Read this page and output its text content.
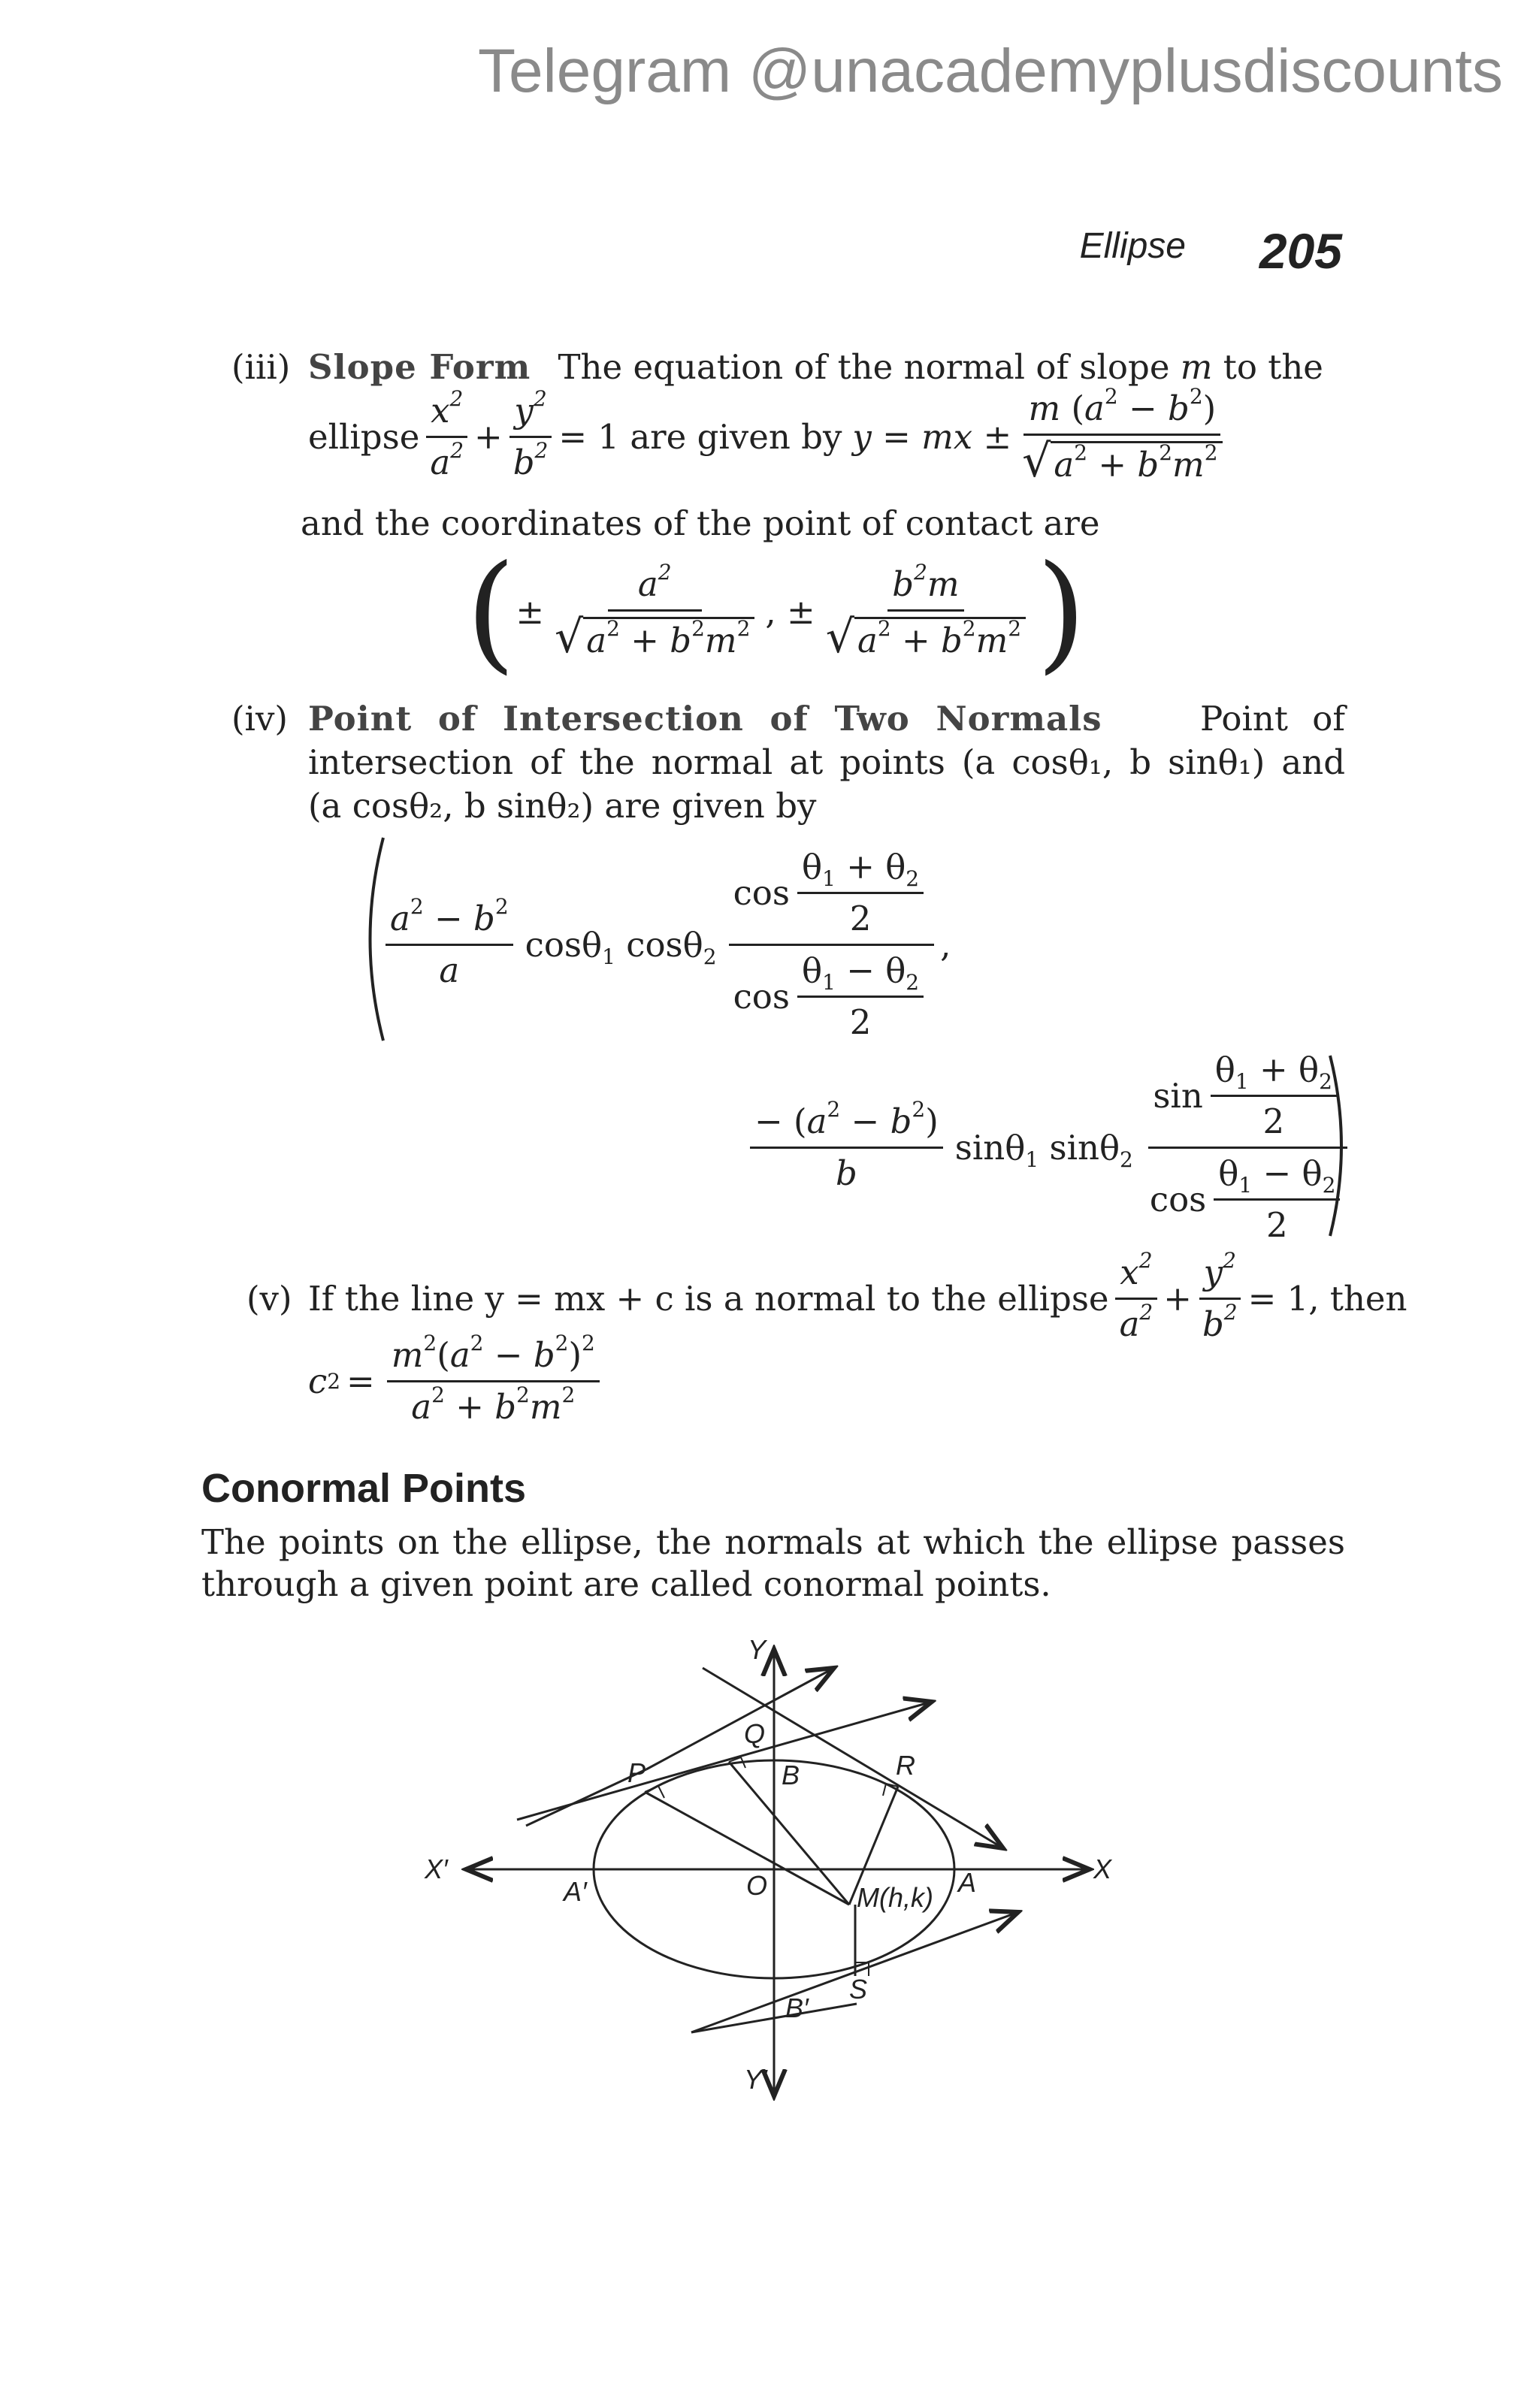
Telegram @unacademyplusdiscounts
Ellipse 205
(iii) Slope Form The equation of the normal of slope m to the
ellipse $\frac{x^2}{a^2} + \frac{y^2}{b^2} = 1$ are given by y = mx ± $\frac{m (a^2 - b^2)}{√a^2 + b^2m^2}$
and the coordinates of the point of contact are
( ± $\frac{a^2}{√a^2 + b^2m^2}$ , ± $\frac{b^2m}{√a^2 + b^2m^2}$ )
(iv) Point of Intersection of Two Normals	Point of
intersection of the normal at points (a cosθ₁, b sinθ₁) and
(a cosθ₂, b sinθ₂) are given by
$\frac{a^2 - b^2}{a} \cos\theta_1$ $\cos\theta_2 \frac{\cos \frac{\theta_1 + \theta_2}{2}}{\cos \frac{\theta_1 - \theta_2}{2}}$ ,
$\frac{- (a^2 - b^2)}{b} \sin\theta_1$ $\sin\theta_2 \frac{\sin \frac{\theta_1 + \theta_2}{2}}{\cos \frac{\theta_1 - \theta_2}{2}}$
(v) If the line y = mx + c is a normal to the ellipse $\frac{x^2}{a^2} + \frac{y^2}{b^2} = 1$, then
c $2 = \frac{m^2(a^2 - b^2)^2}{a^2 + b^2m^2}$
Conormal Points
The points on the ellipse, the normals at which the ellipse passes
through a given point are called conormal points.
Y
Y′
X
X′
O	A
A′
B
B′
P
Q
R
S
M(h,k)
